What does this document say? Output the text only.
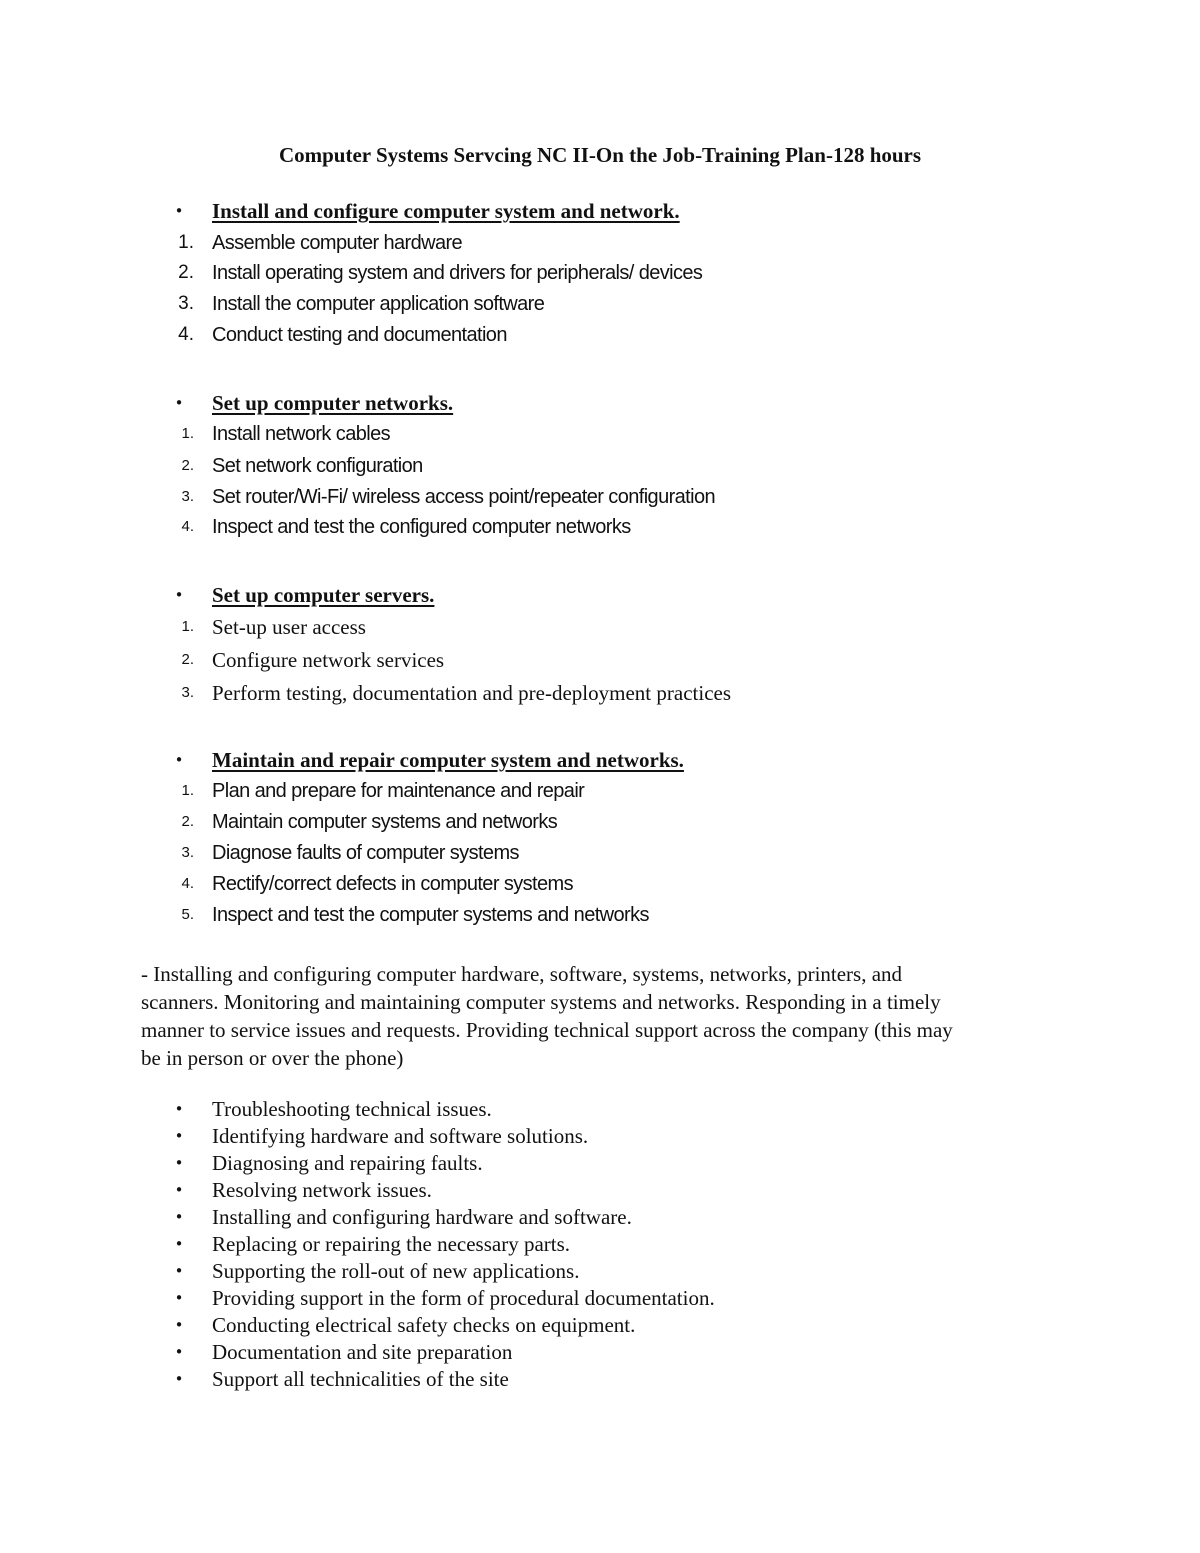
Computer Systems Servcing NC II-On the Job-Training Plan-128 hours
• Install and configure computer system and network.
1. Assemble computer hardware
2. Install operating system and drivers for peripherals/ devices
3. Install the computer application software
4. Conduct testing and documentation
• Set up computer networks.
1. Install network cables
2. Set network configuration
3. Set router/Wi-Fi/ wireless access point/repeater configuration
4. Inspect and test the configured computer networks
• Set up computer servers.
1. Set-up user access
2. Configure network services
3. Perform testing, documentation and pre-deployment practices
• Maintain and repair computer system and networks.
1. Plan and prepare for maintenance and repair
2. Maintain computer systems and networks
3. Diagnose faults of computer systems
4. Rectify/correct defects in computer systems
5. Inspect and test the computer systems and networks
- Installing and configuring computer hardware, software, systems, networks, printers, and
scanners. Monitoring and maintaining computer systems and networks. Responding in a timely
manner to service issues and requests. Providing technical support across the company (this may
be in person or over the phone)
• Troubleshooting technical issues.
• Identifying hardware and software solutions.
• Diagnosing and repairing faults.
• Resolving network issues.
• Installing and configuring hardware and software.
• Replacing or repairing the necessary parts.
• Supporting the roll-out of new applications.
• Providing support in the form of procedural documentation.
• Conducting electrical safety checks on equipment.
• Documentation and site preparation
• Support all technicalities of the site
